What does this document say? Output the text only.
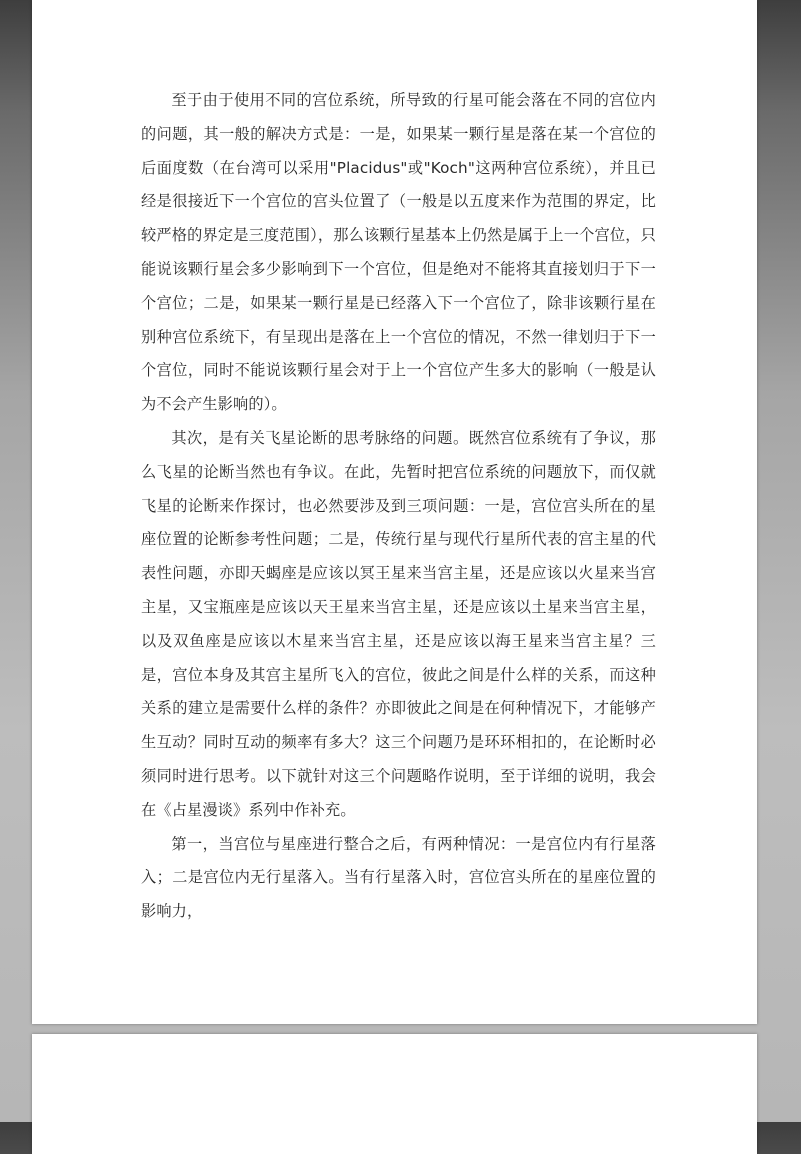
至于由于使用不同的宫位系统，所导致的行星可能会落在不同的宫位内的问题，其一般的解决方式是：一是，如果某一颗行星是落在某一个宫位的后面度数（在台湾可以采用"Placidus"或"Koch"这两种宫位系统），并且已经是很接近下一个宫位的宫头位置了（一般是以五度来作为范围的界定，比较严格的界定是三度范围），那么该颗行星基本上仍然是属于上一个宫位，只能说该颗行星会多少影响到下一个宫位，但是绝对不能将其直接划归于下一个宫位；二是，如果某一颗行星是已经落入下一个宫位了，除非该颗行星在别种宫位系统下，有呈现出是落在上一个宫位的情况，不然一律划归于下一个宫位，同时不能说该颗行星会对于上一个宫位产生多大的影响（一般是认为不会产生影响的）。

其次，是有关飞星论断的思考脉络的问题。既然宫位系统有了争议，那么飞星的论断当然也有争议。在此，先暂时把宫位系统的问题放下，而仅就飞星的论断来作探讨，也必然要涉及到三项问题：一是，宫位宫头所在的星座位置的论断参考性问题；二是，传统行星与现代行星所代表的宫主星的代表性问题，亦即天蝎座是应该以冥王星来当宫主星，还是应该以火星来当宫主星，又宝瓶座是应该以天王星来当宫主星，还是应该以土星来当宫主星，以及双鱼座是应该以木星来当宫主星，还是应该以海王星来当宫主星？三是，宫位本身及其宫主星所飞入的宫位，彼此之间是什么样的关系，而这种关系的建立是需要什么样的条件？亦即彼此之间是在何种情况下，才能够产生互动？同时互动的频率有多大？这三个问题乃是环环相扣的，在论断时必须同时进行思考。以下就针对这三个问题略作说明，至于详细的说明，我会在《占星漫谈》系列中作补充。

第一，当宫位与星座进行整合之后，有两种情况：一是宫位内有行星落入；二是宫位内无行星落入。当有行星落入时，宫位宫头所在的星座位置的影响力，
